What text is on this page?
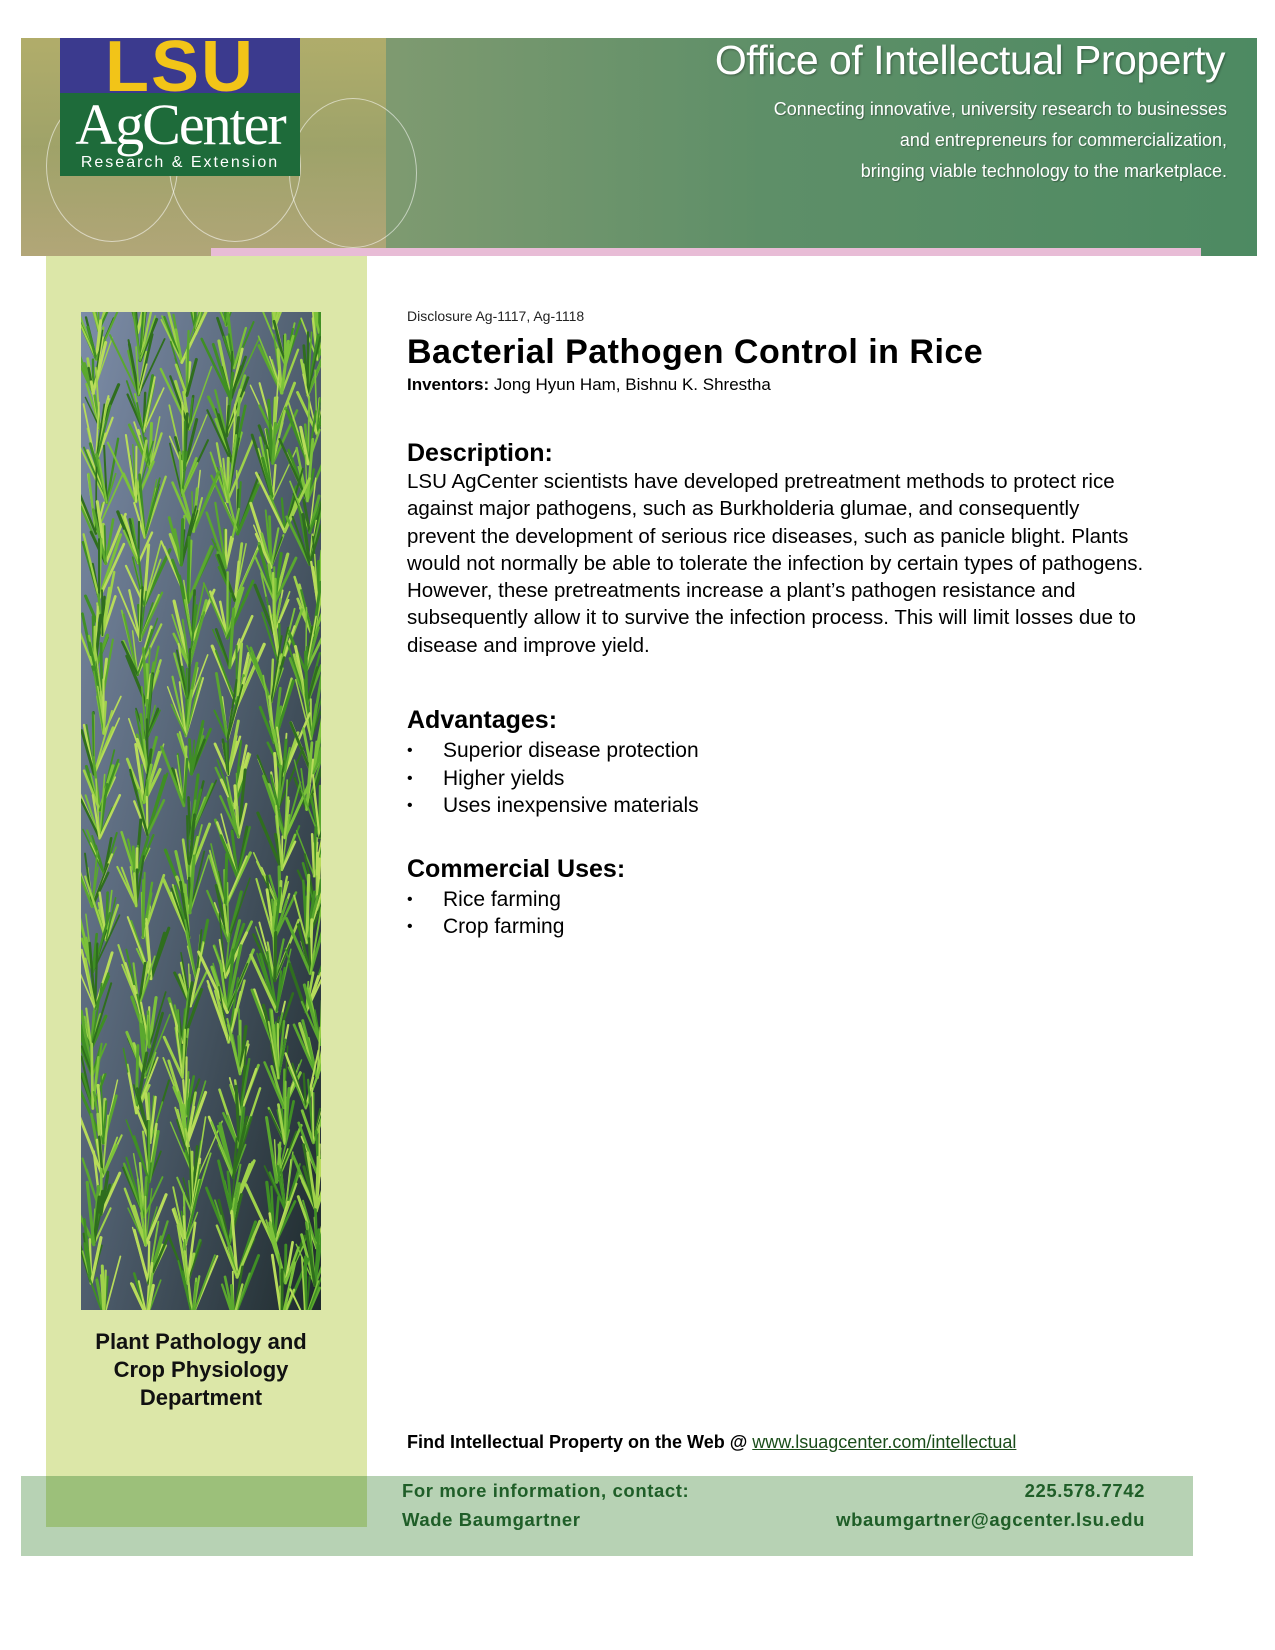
LSU
AgCenter
Research & Extension
Office of Intellectual Property
Connecting innovative, university research to businesses
and entrepreneurs for commercialization,
bringing viable technology to the marketplace.
Plant Pathology and
Crop Physiology
Department
Disclosure Ag-1117, Ag-1118
Bacterial Pathogen Control in Rice
Inventors: Jong Hyun Ham, Bishnu K. Shrestha
Description:
LSU AgCenter scientists have developed pretreatment methods to protect rice against major pathogens, such as Burkholderia glumae, and consequently prevent the development of serious rice diseases, such as panicle blight. Plants would not normally be able to tolerate the infection by certain types of pathogens. However, these pretreatments increase a plant’s pathogen resistance and subsequently allow it to survive the infection process. This will limit losses due to disease and improve yield.
Advantages:
• Superior disease protection
• Higher yields
• Uses inexpensive materials
Commercial Uses:
• Rice farming
• Crop farming
Find Intellectual Property on the Web @ www.lsuagcenter.com/intellectual
For more information, contact:
Wade Baumgartner
225.578.7742
wbaumgartner@agcenter.lsu.edu
